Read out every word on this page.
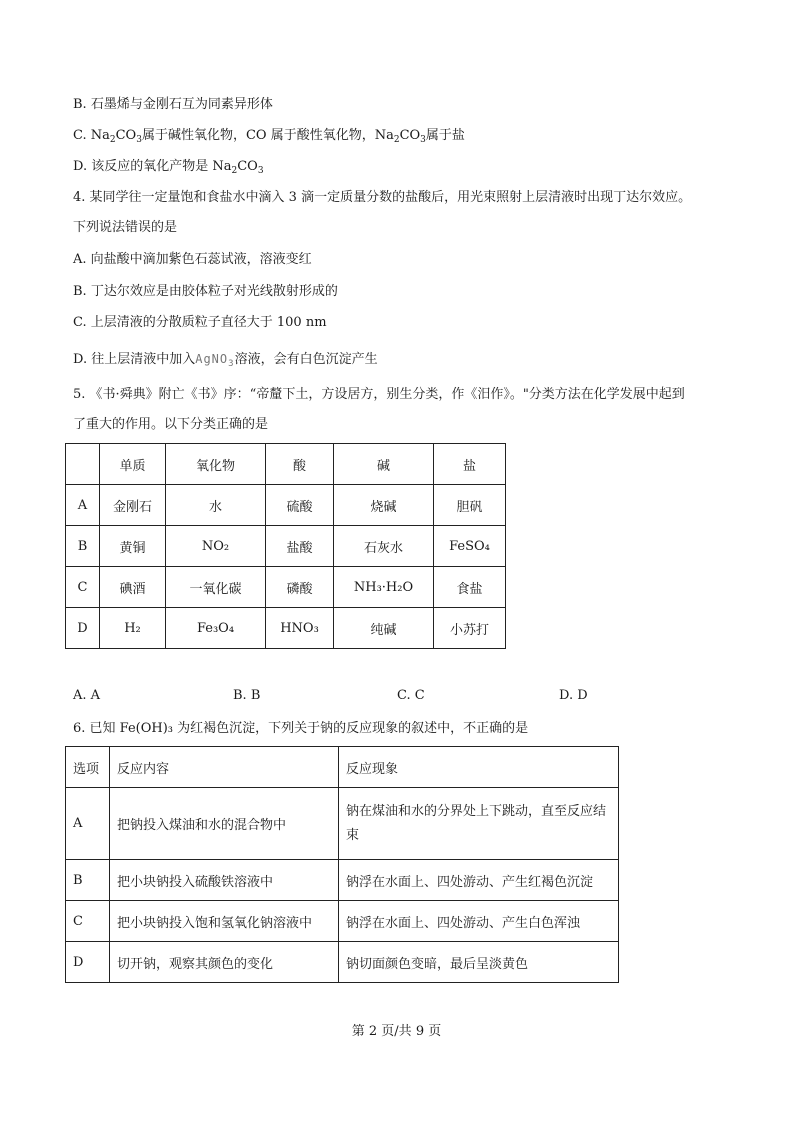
B. 石墨烯与金刚石互为同素异形体
C. $Na_2CO_3$属于碱性氧化物，CO 属于酸性氧化物，$Na_2CO_3$属于盐
D. 该反应的氧化产物是 $Na_2CO_3$
4. 某同学往一定量饱和食盐水中滴入 3 滴一定质量分数的盐酸后，用光束照射上层清液时出现丁达尔效应。
下列说法错误的是
A. 向盐酸中滴加紫色石蕊试液，溶液变红
B. 丁达尔效应是由胶体粒子对光线散射形成的
C. 上层清液的分散质粒子直径大于 100 nm
D. 往上层清液中加入AgNO$_3$溶液，会有白色沉淀产生
5. 《书·舜典》附亡《书》序：“帝釐下土，方设居方，别生分类，作《汨作》。"分类方法在化学发展中起到
了重大的作用。以下分类正确的是
	单质	氧化物	酸	碱	盐
A	金刚石	水	硫酸	烧碱	胆矾
B	黄铜	NO₂	盐酸	石灰水	FeSO₄
C	碘酒	一氧化碳	磷酸	NH₃·H₂O	食盐
D	H₂	Fe₃O₄	HNO₃	纯碱	小苏打
A. A	B. B	C. C	D. D
6. 已知 Fe(OH)₃ 为红褐色沉淀，下列关于钠的反应现象的叙述中，不正确的是
选项	反应内容	反应现象
A	把钠投入煤油和水的混合物中	钠在煤油和水的分界处上下跳动，直至反应结束
B	把小块钠投入硫酸铁溶液中	钠浮在水面上、四处游动、产生红褐色沉淀
C	把小块钠投入饱和氢氧化钠溶液中	钠浮在水面上、四处游动、产生白色浑浊
D	切开钠，观察其颜色的变化	钠切面颜色变暗，最后呈淡黄色
第 2 页/共 9 页
